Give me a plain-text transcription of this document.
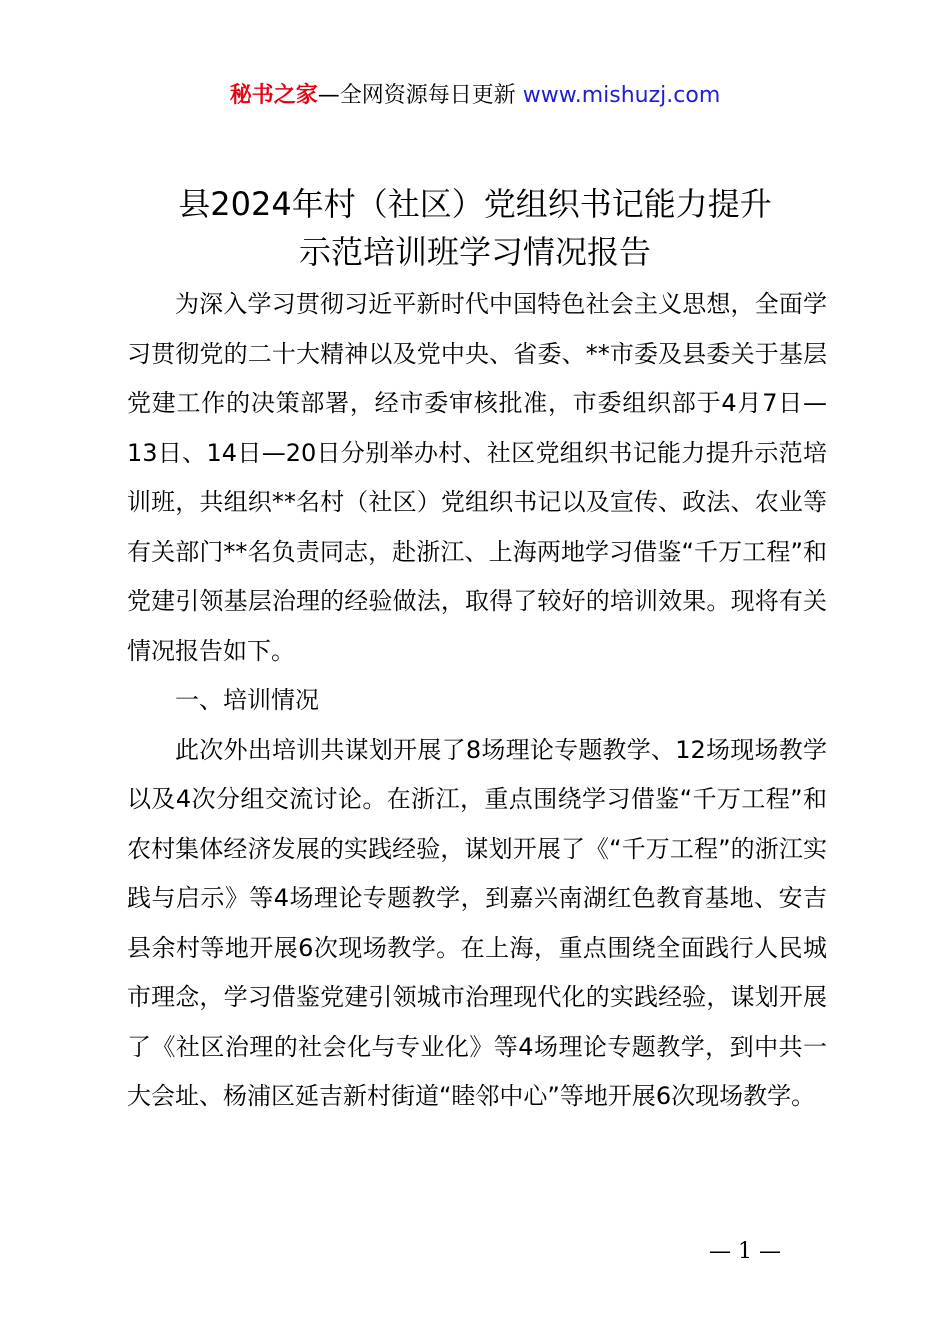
秘书之家—全网资源每日更新 www.mishuzj.com
县2024年村（社区）党组织书记能力提升
示范培训班学习情况报告

为深入学习贯彻习近平新时代中国特色社会主义思想，全面学习贯彻党的二十大精神以及党中央、省委、**市委及县委关于基层党建工作的决策部署，经市委审核批准，市委组织部于4月7日—13日、14日—20日分别举办村、社区党组织书记能力提升示范培训班，共组织**名村（社区）党组织书记以及宣传、政法、农业等有关部门**名负责同志，赴浙江、上海两地学习借鉴“千万工程”和党建引领基层治理的经验做法，取得了较好的培训效果。现将有关情况报告如下。

一、培训情况

此次外出培训共谋划开展了8场理论专题教学、12场现场教学以及4次分组交流讨论。在浙江，重点围绕学习借鉴“千万工程”和农村集体经济发展的实践经验，谋划开展了《“千万工程”的浙江实践与启示》等4场理论专题教学，到嘉兴南湖红色教育基地、安吉县余村等地开展6次现场教学。在上海，重点围绕全面践行人民城市理念，学习借鉴党建引领城市治理现代化的实践经验，谋划开展了《社区治理的社会化与专业化》等4场理论专题教学，到中共一大会址、杨浦区延吉新村街道“睦邻中心”等地开展6次现场教学。

— 1 —
